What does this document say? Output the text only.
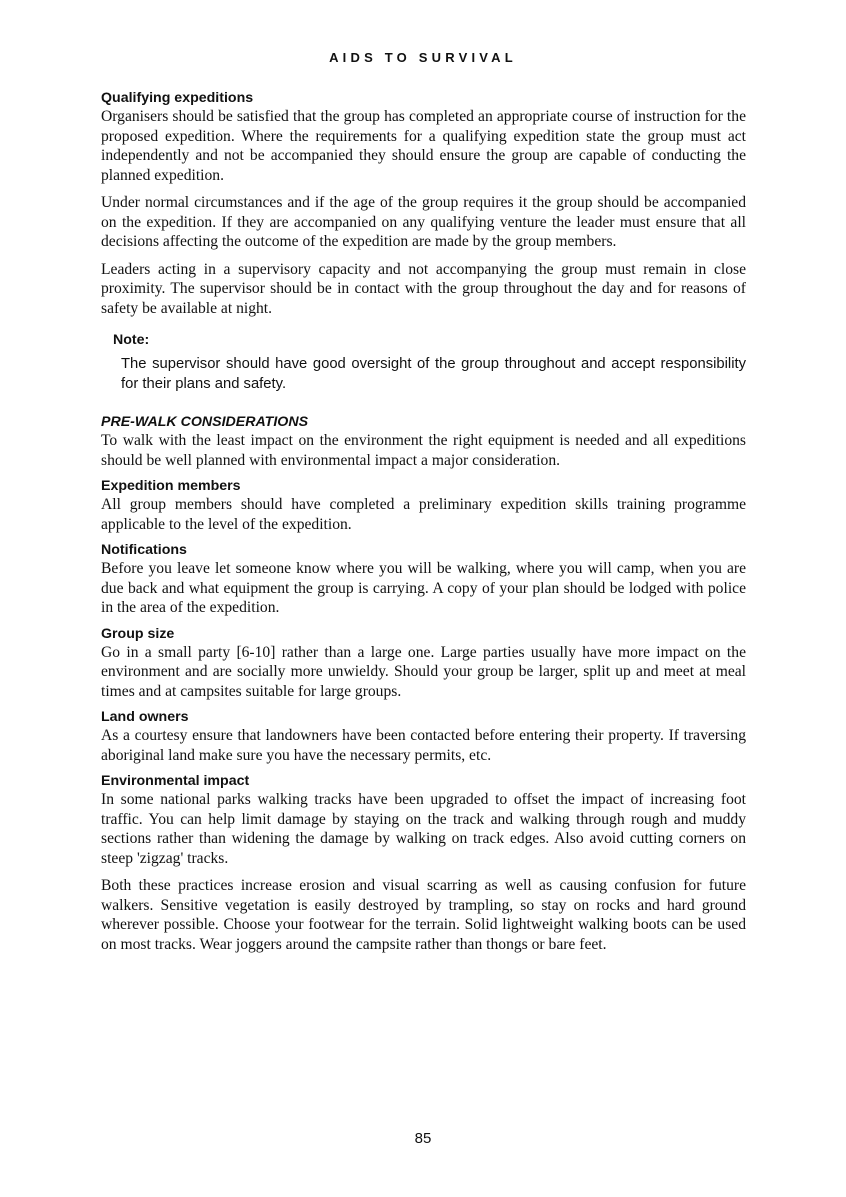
AIDS TO SURVIVAL
Qualifying expeditions

Organisers should be satisfied that the group has completed an appropriate course of instruction for the proposed expedition. Where the requirements for a qualifying expedition state the group must act independently and not be accompanied they should ensure the group are capable of conducting the planned expedition.

Under normal circumstances and if the age of the group requires it the group should be accompanied on the expedition. If they are accompanied on any qualifying venture the leader must ensure that all decisions affecting the outcome of the expedition are made by the group members.

Leaders acting in a supervisory capacity and not accompanying the group must remain in close proximity. The supervisor should be in contact with the group throughout the day and for reasons of safety be available at night.

Note:
The supervisor should have good oversight of the group throughout and accept responsibility for their plans and safety.
PRE-WALK CONSIDERATIONS

To walk with the least impact on the environment the right equipment is needed and all expeditions should be well planned with environmental impact a major consideration.

Expedition members

All group members should have completed a preliminary expedition skills training programme applicable to the level of the expedition.

Notifications

Before you leave let someone know where you will be walking, where you will camp, when you are due back and what equipment the group is carrying. A copy of your plan should be lodged with police in the area of the expedition.

Group size

Go in a small party [6-10] rather than a large one. Large parties usually have more impact on the environment and are socially more unwieldy. Should your group be larger, split up and meet at meal times and at campsites suitable for large groups.

Land owners

As a courtesy ensure that landowners have been contacted before entering their property. If traversing aboriginal land make sure you have the necessary permits, etc.

Environmental impact

In some national parks walking tracks have been upgraded to offset the impact of increasing foot traffic. You can help limit damage by staying on the track and walking through rough and muddy sections rather than widening the damage by walking on track edges. Also avoid cutting corners on steep 'zigzag' tracks.

Both these practices increase erosion and visual scarring as well as causing confusion for future walkers. Sensitive vegetation is easily destroyed by trampling, so stay on rocks and hard ground wherever possible. Choose your footwear for the terrain. Solid lightweight walking boots can be used on most tracks. Wear joggers around the campsite rather than thongs or bare feet.

85
